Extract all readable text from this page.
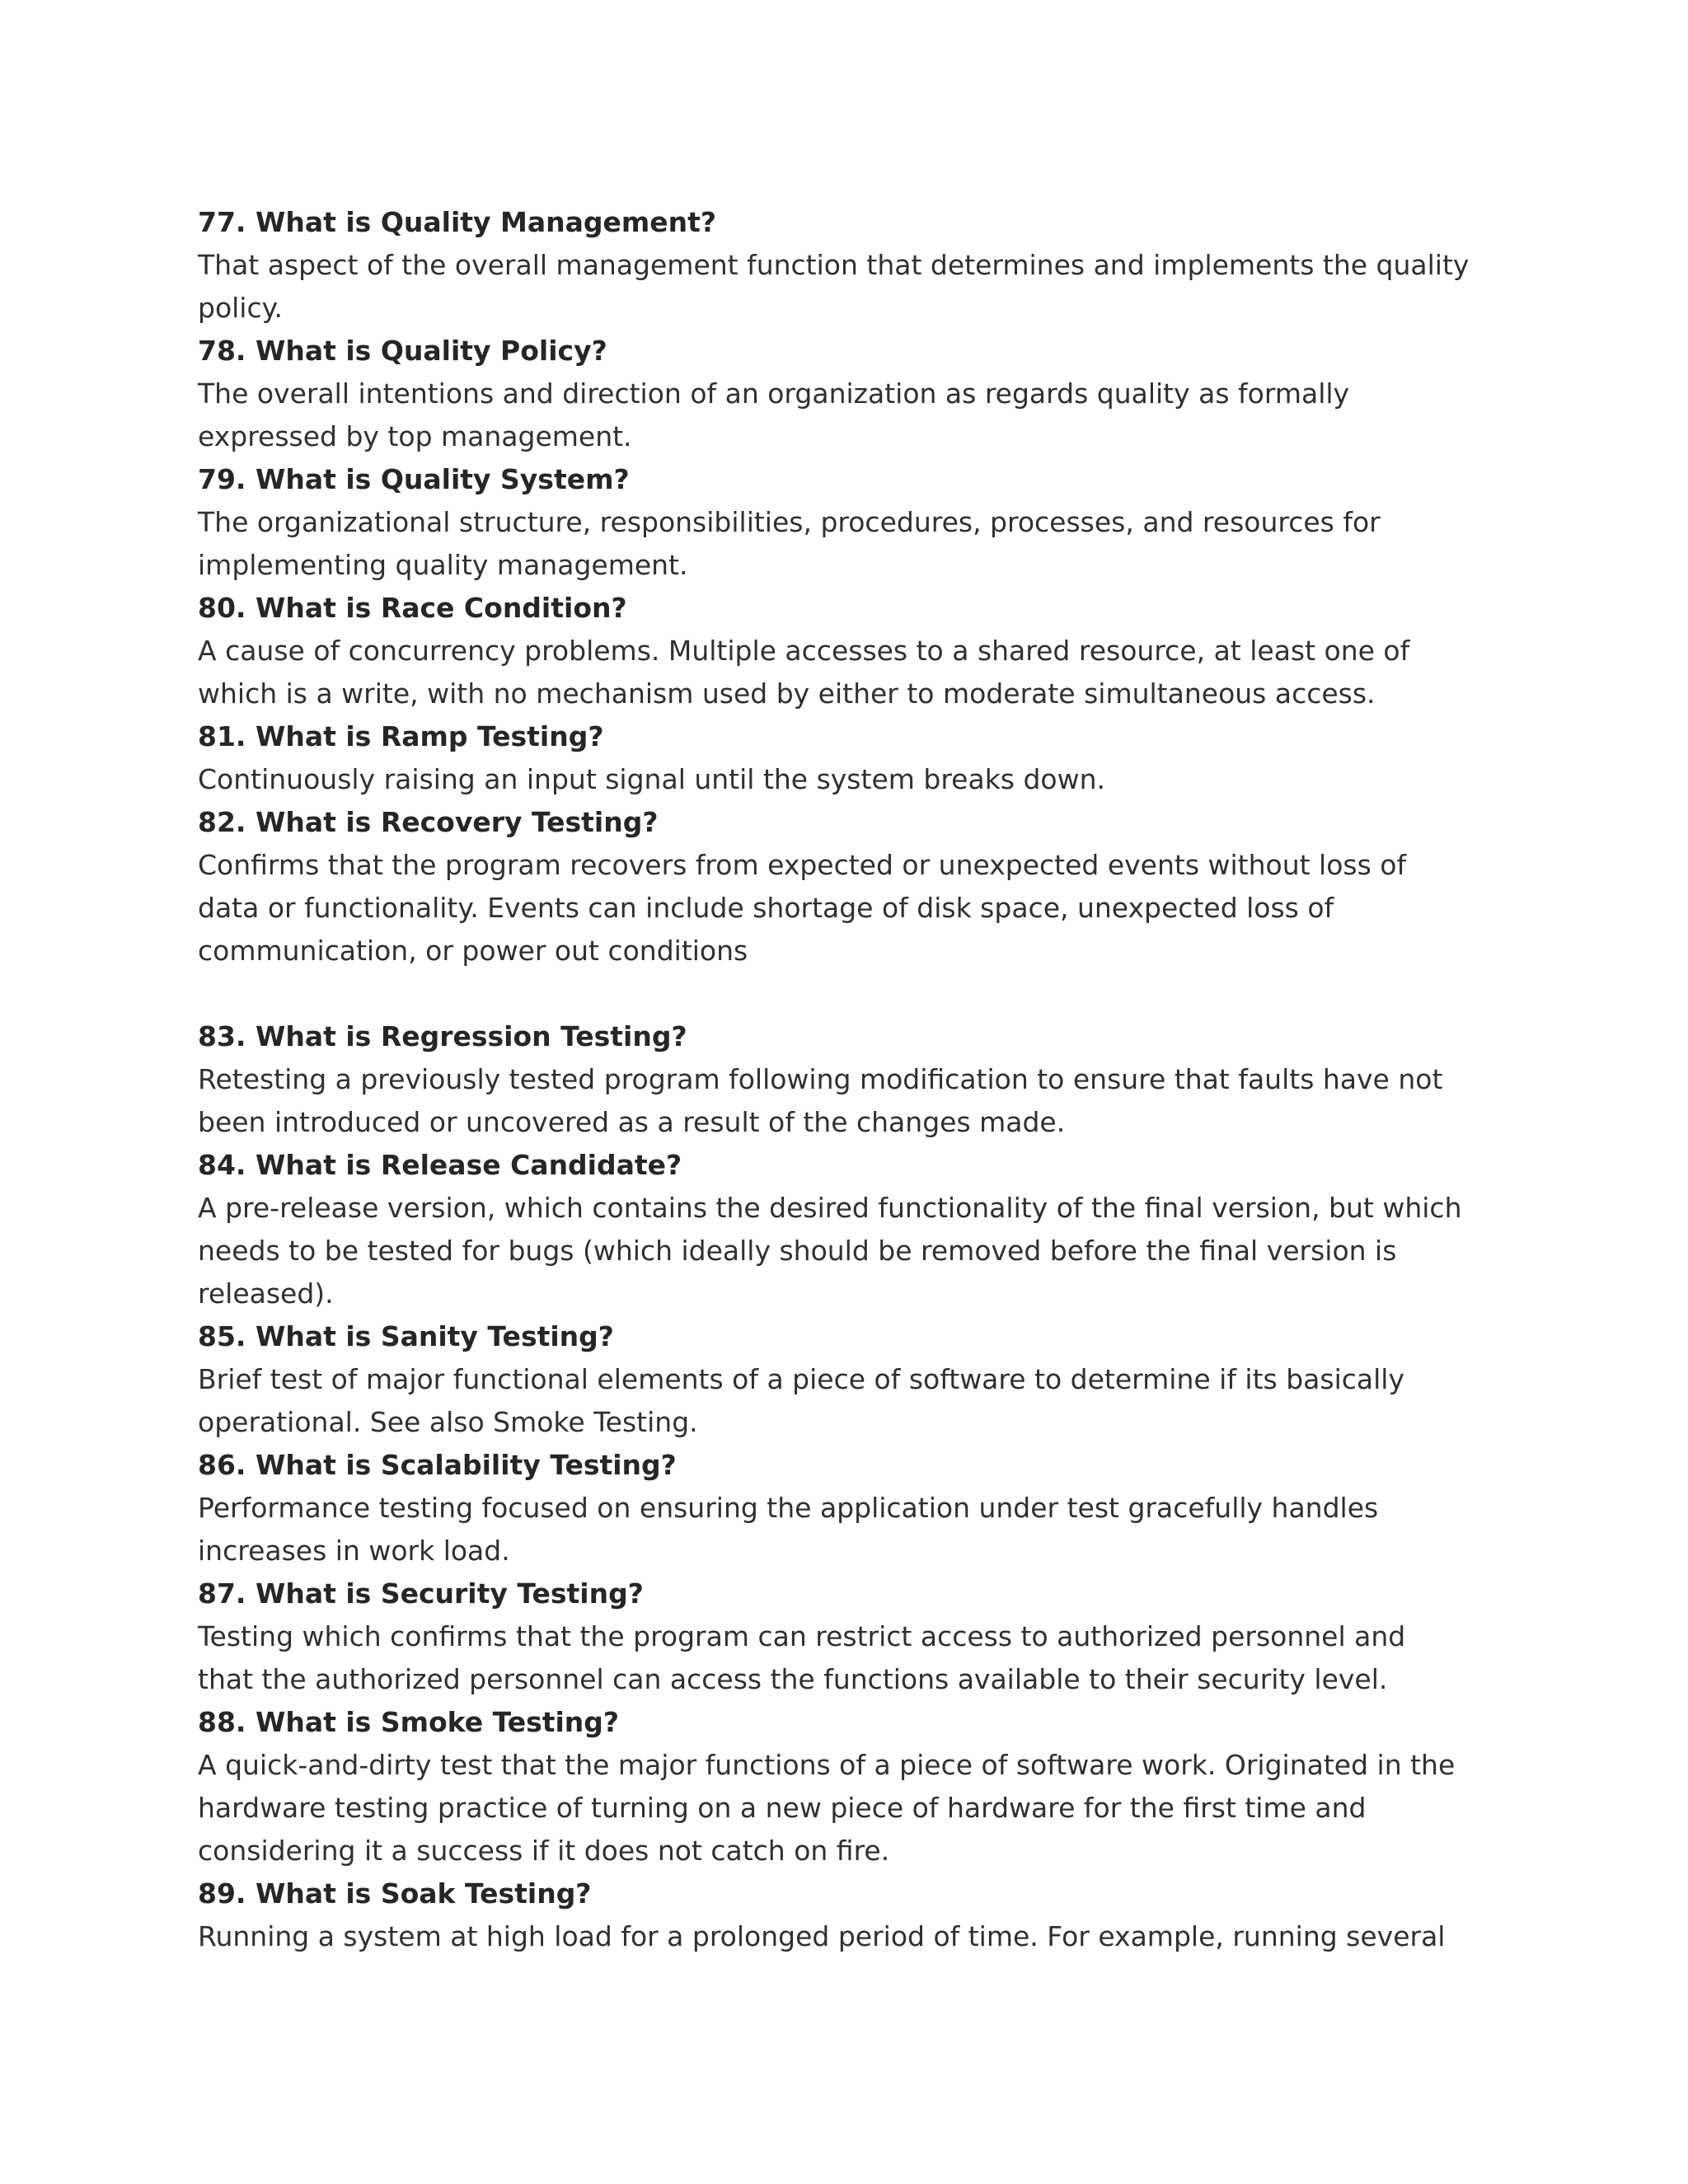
77. What is Quality Management?
That aspect of the overall management function that determines and implements the quality
policy.
78. What is Quality Policy?
The overall intentions and direction of an organization as regards quality as formally
expressed by top management.
79. What is Quality System?
The organizational structure, responsibilities, procedures, processes, and resources for
implementing quality management.
80. What is Race Condition?
A cause of concurrency problems. Multiple accesses to a shared resource, at least one of
which is a write, with no mechanism used by either to moderate simultaneous access.
81. What is Ramp Testing?
Continuously raising an input signal until the system breaks down.
82. What is Recovery Testing?
Confirms that the program recovers from expected or unexpected events without loss of
data or functionality. Events can include shortage of disk space, unexpected loss of
communication, or power out conditions
83. What is Regression Testing?
Retesting a previously tested program following modification to ensure that faults have not
been introduced or uncovered as a result of the changes made.
84. What is Release Candidate?
A pre-release version, which contains the desired functionality of the final version, but which
needs to be tested for bugs (which ideally should be removed before the final version is
released).
85. What is Sanity Testing?
Brief test of major functional elements of a piece of software to determine if its basically
operational. See also Smoke Testing.
86. What is Scalability Testing?
Performance testing focused on ensuring the application under test gracefully handles
increases in work load.
87. What is Security Testing?
Testing which confirms that the program can restrict access to authorized personnel and
that the authorized personnel can access the functions available to their security level.
88. What is Smoke Testing?
A quick-and-dirty test that the major functions of a piece of software work. Originated in the
hardware testing practice of turning on a new piece of hardware for the first time and
considering it a success if it does not catch on fire.
89. What is Soak Testing?
Running a system at high load for a prolonged period of time. For example, running several
